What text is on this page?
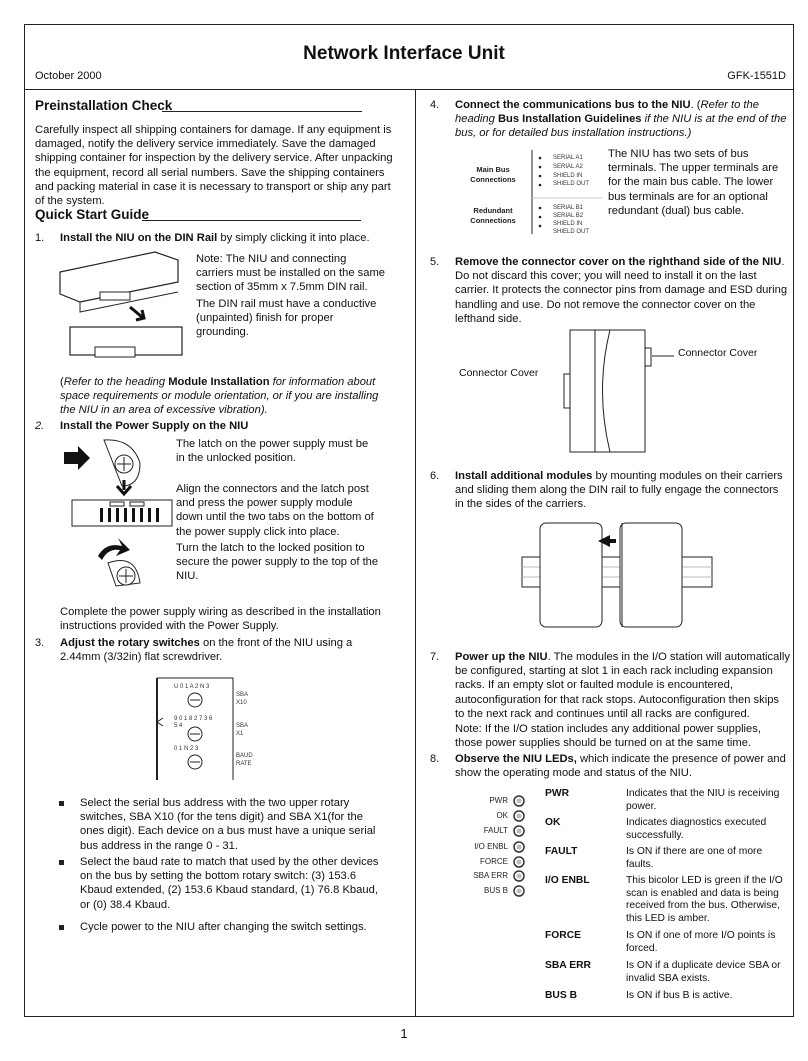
Network Interface Unit
October 2000	GFK-1551D
Preinstallation Check
Carefully inspect all shipping containers for damage. If any equipment is damaged, notify the delivery service immediately. Save the damaged shipping container for inspection by the delivery service. After unpacking the equipment, record all serial numbers. Save the shipping containers and packing material in case it is necessary to transport or ship any part of the system.
Quick Start Guide
1. Install the NIU on the DIN Rail by simply clicking it into place.
Note: The NIU and connecting carriers must be installed on the same section of 35mm x 7.5mm DIN rail.
The DIN rail must have a conductive (unpainted) finish for proper grounding.
(Refer to the heading Module Installation for information about space requirements or module orientation, or if you are installing the NIU in an area of excessive vibration).
2. Install the Power Supply on the NIU
The latch on the power supply must be in the unlocked position.
Align the connectors and the latch post and press the power supply module down until the two tabs on the bottom of the power supply click into place.
Turn the latch to the locked position to secure the power supply to the top of the NIU.
Complete the power supply wiring as described in the installation instructions provided with the Power Supply.
3. Adjust the rotary switches on the front of the NIU using a 2.44mm (3/32in) flat screwdriver.
U 0 1 A 2 N 3
9 0 1 8 2 7 3 6 5 4
0 1 N 2 3
SBA
X10
SBA
X1
BAUD
RATE
Select the serial bus address with the two upper rotary switches, SBA X10 (for the tens digit) and SBA X1(for the ones digit). Each device on a bus must have a unique serial bus address in the range 0 - 31.
Select the baud rate to match that used by the other devices on the bus by setting the bottom rotary switch: (3) 153.6 Kbaud extended, (2) 153.6 Kbaud standard, (1) 76.8 Kbaud, or (0) 38.4 Kbaud.
Cycle power to the NIU after changing the switch settings.
4. Connect the communications bus to the NIU. (Refer to the heading Bus Installation Guidelines if the NIU is at the end of the bus, or for detailed bus installation instructions.)
Main Bus
Connections
Redundant
Connections
SERIAL A1
SERIAL A2
SHIELD IN
SHIELD OUT
SERIAL B1
SERIAL B2
SHIELD IN
SHIELD OUT
The NIU has two sets of bus terminals. The upper terminals are for the main bus cable. The lower bus terminals are for an optional redundant (dual) bus cable.
5. Remove the connector cover on the righthand side of the NIU. Do not discard this cover; you will need to install it on the last carrier. It protects the connector pins from damage and ESD during handling and use. Do not remove the connector cover on the lefthand side.
Connector Cover
Connector Cover
6. Install additional modules by mounting modules on their carriers and sliding them along the DIN rail to fully engage the connectors in the sides of the carriers.
7. Power up the NIU. The modules in the I/O station will automatically be configured, starting at slot 1 in each rack including expansion racks. If an empty slot or faulted module is encountered, autoconfiguration for that rack stops. Autoconfiguration then skips to the next rack and continues until all racks are configured.
Note: If the I/O station includes any additional power supplies, those power supplies should be turned on at the same time.
8. Observe the NIU LEDs, which indicate the presence of power and show the operating mode and status of the NIU.
PWR
OK
FAULT
I/O ENBL
FORCE
SBA ERR
BUS B
PWR	Indicates that the NIU is receiving power.
OK	Indicates diagnostics executed successfully.
FAULT	Is ON if there are one of more faults.
I/O ENBL	This bicolor LED is green if the I/O scan is enabled and data is being received from the bus. Otherwise, this LED is amber.
FORCE	Is ON if one of more I/O points is forced.
SBA ERR	Is ON if a duplicate device SBA or invalid SBA exists.
BUS B	Is ON if bus B is active.
1
